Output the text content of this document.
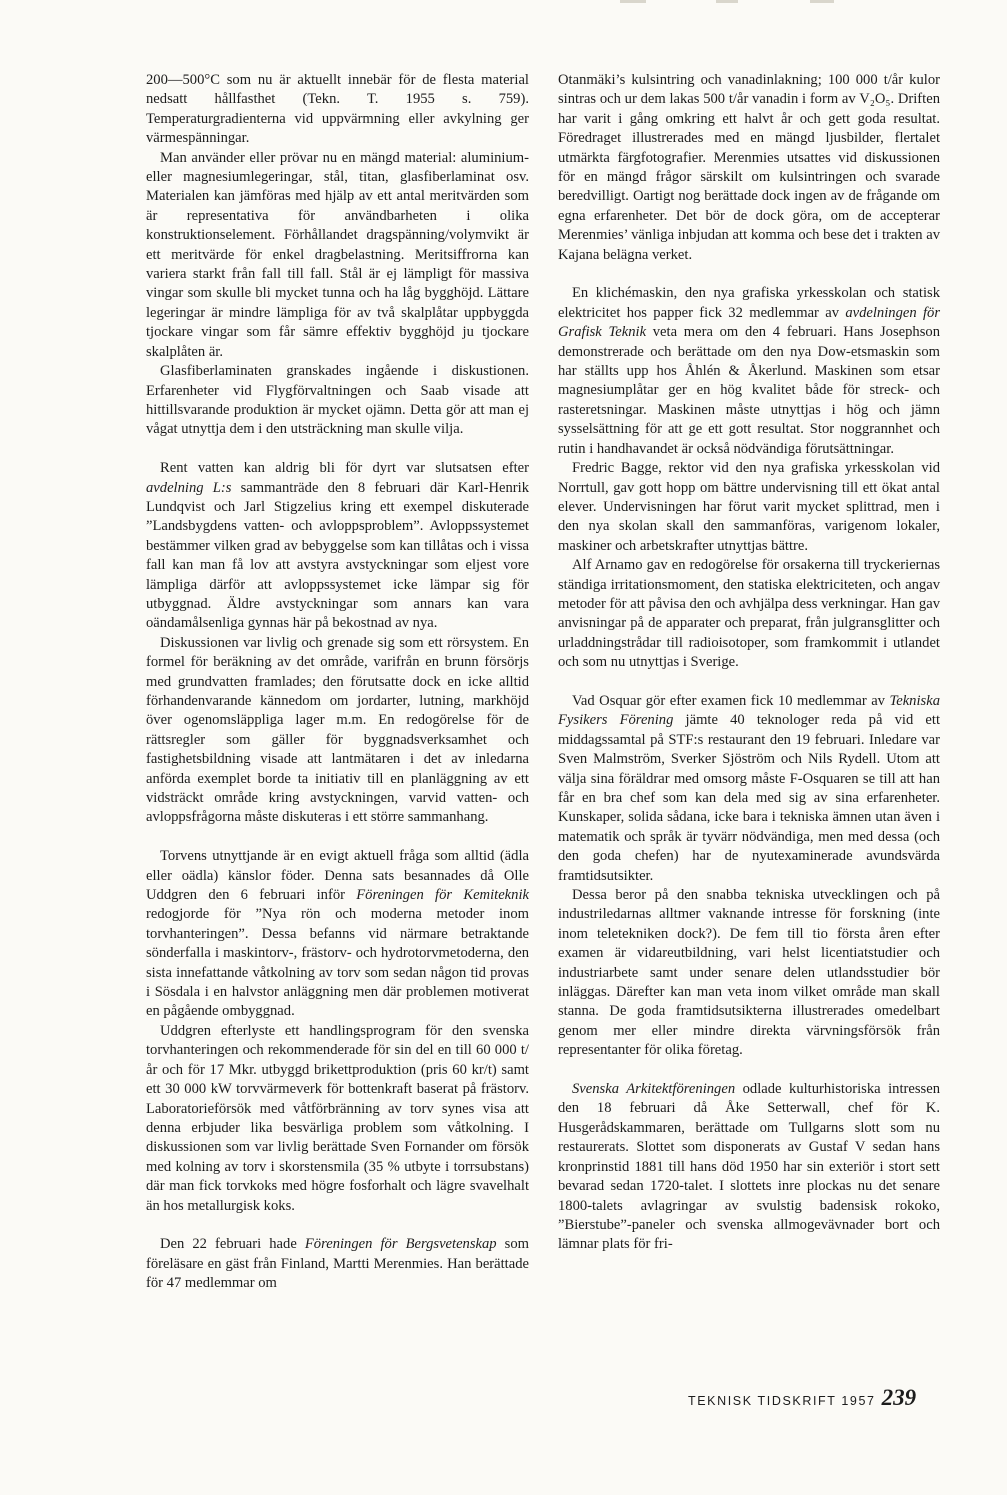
200—500°C som nu är aktuellt innebär för de flesta material nedsatt hållfasthet (Tekn. T. 1955 s. 759). Temperaturgradienterna vid uppvärmning eller avkylning ger värmespänningar.

Man använder eller prövar nu en mängd material: aluminium- eller magnesiumlegeringar, stål, titan, glasfiberlaminat osv. Materialen kan jämföras med hjälp av ett antal meritvärden som är representativa för användbarheten i olika konstruktionselement. Förhållandet dragspänning/volymvikt är ett meritvärde för enkel dragbelastning. Meritsiffrorna kan variera starkt från fall till fall. Stål är ej lämpligt för massiva vingar som skulle bli mycket tunna och ha låg bygghöjd. Lättare legeringar är mindre lämpliga för av två skalplåtar uppbyggda tjockare vingar som får sämre effektiv bygghöjd ju tjockare skalplåten är.

Glasfiberlaminaten granskades ingående i diskustionen. Erfarenheter vid Flygförvaltningen och Saab visade att hittillsvarande produktion är mycket ojämn. Detta gör att man ej vågat utnyttja dem i den utsträckning man skulle vilja.

Rent vatten kan aldrig bli för dyrt var slutsatsen efter avdelning L:s sammanträde den 8 februari där Karl-Henrik Lundqvist och Jarl Stigzelius kring ett exempel diskuterade ”Landsbygdens vatten- och avloppsproblem”. Avloppssystemet bestämmer vilken grad av bebyggelse som kan tillåtas och i vissa fall kan man få lov att avstyra avstyckningar som eljest vore lämpliga därför att avloppssystemet icke lämpar sig för utbyggnad. Äldre avstyckningar som annars kan vara oändamålsenliga gynnas här på bekostnad av nya.

Diskussionen var livlig och grenade sig som ett rörsystem. En formel för beräkning av det område, varifrån en brunn försörjs med grundvatten framlades; den förutsatte dock en icke alltid förhandenvarande kännedom om jordarter, lutning, markhöjd över ogenomsläppliga lager m.m. En redogörelse för de rättsregler som gäller för byggnadsverksamhet och fastighetsbildning visade att lantmätaren i det av inledarna anförda exemplet borde ta initiativ till en planläggning av ett vidsträckt område kring avstyckningen, varvid vatten- och avloppsfrågorna måste diskuteras i ett större sammanhang.

Torvens utnyttjande är en evigt aktuell fråga som alltid (ädla eller oädla) känslor föder. Denna sats besannades då Olle Uddgren den 6 februari inför Föreningen för Kemiteknik redogjorde för ”Nya rön och moderna metoder inom torvhanteringen”. Dessa befanns vid närmare betraktande sönderfalla i maskintorv-, frästorv- och hydrotorvmetoderna, den sista innefattande våtkolning av torv som sedan någon tid provas i Sösdala i en halvstor anläggning men där problemen motiverat en pågående ombyggnad.

Uddgren efterlyste ett handlingsprogram för den svenska torvhanteringen och rekommenderade för sin del en till 60 000 t/år och för 17 Mkr. utbyggd brikettproduktion (pris 60 kr/t) samt ett 30 000 kW torvvärmeverk för bottenkraft baserat på frästorv. Laboratorieförsök med våtförbränning av torv synes visa att denna erbjuder lika besvärliga problem som våtkolning. I diskussionen som var livlig berättade Sven Fornander om försök med kolning av torv i skorstensmila (35 % utbyte i torrsubstans) där man fick torvkoks med högre fosforhalt och lägre svavelhalt än hos metallurgisk koks.

Den 22 februari hade Föreningen för Bergsvetenskap som föreläsare en gäst från Finland, Martti Merenmies. Han berättade för 47 medlemmar om

Otanmäki’s kulsintring och vanadinlakning; 100 000 t/år kulor sintras och ur dem lakas 500 t/år vanadin i form av V₂O₅. Driften har varit i gång omkring ett halvt år och gett goda resultat. Föredraget illustrerades med en mängd ljusbilder, flertalet utmärkta färgfotografier. Merenmies utsattes vid diskussionen för en mängd frågor särskilt om kulsintringen och svarade beredvilligt. Oartigt nog berättade dock ingen av de frågande om egna erfarenheter. Det bör de dock göra, om de accepterar Merenmies’ vänliga inbjudan att komma och bese det i trakten av Kajana belägna verket.

En klichémaskin, den nya grafiska yrkesskolan och statisk elektricitet hos papper fick 32 medlemmar av avdelningen för Grafisk Teknik veta mera om den 4 februari. Hans Josephson demonstrerade och berättade om den nya Dow-etsmaskin som har ställts upp hos Åhlén & Åkerlund. Maskinen som etsar magnesiumplåtar ger en hög kvalitet både för streck- och rasteretsningar. Maskinen måste utnyttjas i hög och jämn sysselsättning för att ge ett gott resultat. Stor noggrannhet och rutin i handhavandet är också nödvändiga förutsättningar.

Fredric Bagge, rektor vid den nya grafiska yrkesskolan vid Norrtull, gav gott hopp om bättre undervisning till ett ökat antal elever. Undervisningen har förut varit mycket splittrad, men i den nya skolan skall den sammanföras, varigenom lokaler, maskiner och arbetskrafter utnyttjas bättre.

Alf Arnamo gav en redogörelse för orsakerna till tryckeriernas ständiga irritationsmoment, den statiska elektriciteten, och angav metoder för att påvisa den och avhjälpa dess verkningar. Han gav anvisningar på de apparater och preparat, från julgransglitter och urladdningstrådar till radioisotoper, som framkommit i utlandet och som nu utnyttjas i Sverige.

Vad Osquar gör efter examen fick 10 medlemmar av Tekniska Fysikers Förening jämte 40 teknologer reda på vid ett middagssamtal på STF:s restaurant den 19 februari. Inledare var Sven Malmström, Sverker Sjöström och Nils Rydell. Utom att välja sina föräldrar med omsorg måste F-Osquaren se till att han får en bra chef som kan dela med sig av sina erfarenheter. Kunskaper, solida sådana, icke bara i tekniska ämnen utan även i matematik och språk är tyvärr nödvändiga, men med dessa (och den goda chefen) har de nyutexaminerade avundsvärda framtidsutsikter.

Dessa beror på den snabba tekniska utvecklingen och på industriledarnas alltmer vaknande intresse för forskning (inte inom teletekniken dock?). De fem till tio första åren efter examen är vidareutbildning, vari helst licentiatstudier och industriarbete samt under senare delen utlandsstudier bör inläggas. Därefter kan man veta inom vilket område man skall stanna. De goda framtidsutsikterna illustrerades omedelbart genom mer eller mindre direkta värvningsförsök från representanter för olika företag.

Svenska Arkitektföreningen odlade kulturhistoriska intressen den 18 februari då Åke Setterwall, chef för K. Husgerådskammaren, berättade om Tullgarns slott som nu restaurerats. Slottet som disponerats av Gustaf V sedan hans kronprinstid 1881 till hans död 1950 har sin exteriör i stort sett bevarad sedan 1720-talet. I slottets inre plockas nu det senare 1800-talets avlagringar av svulstig badensisk rokoko, ”Bierstube”-paneler och svenska allmogevävnader bort och lämnar plats för fri-

TEKNISK TIDSKRIFT 1957 239
